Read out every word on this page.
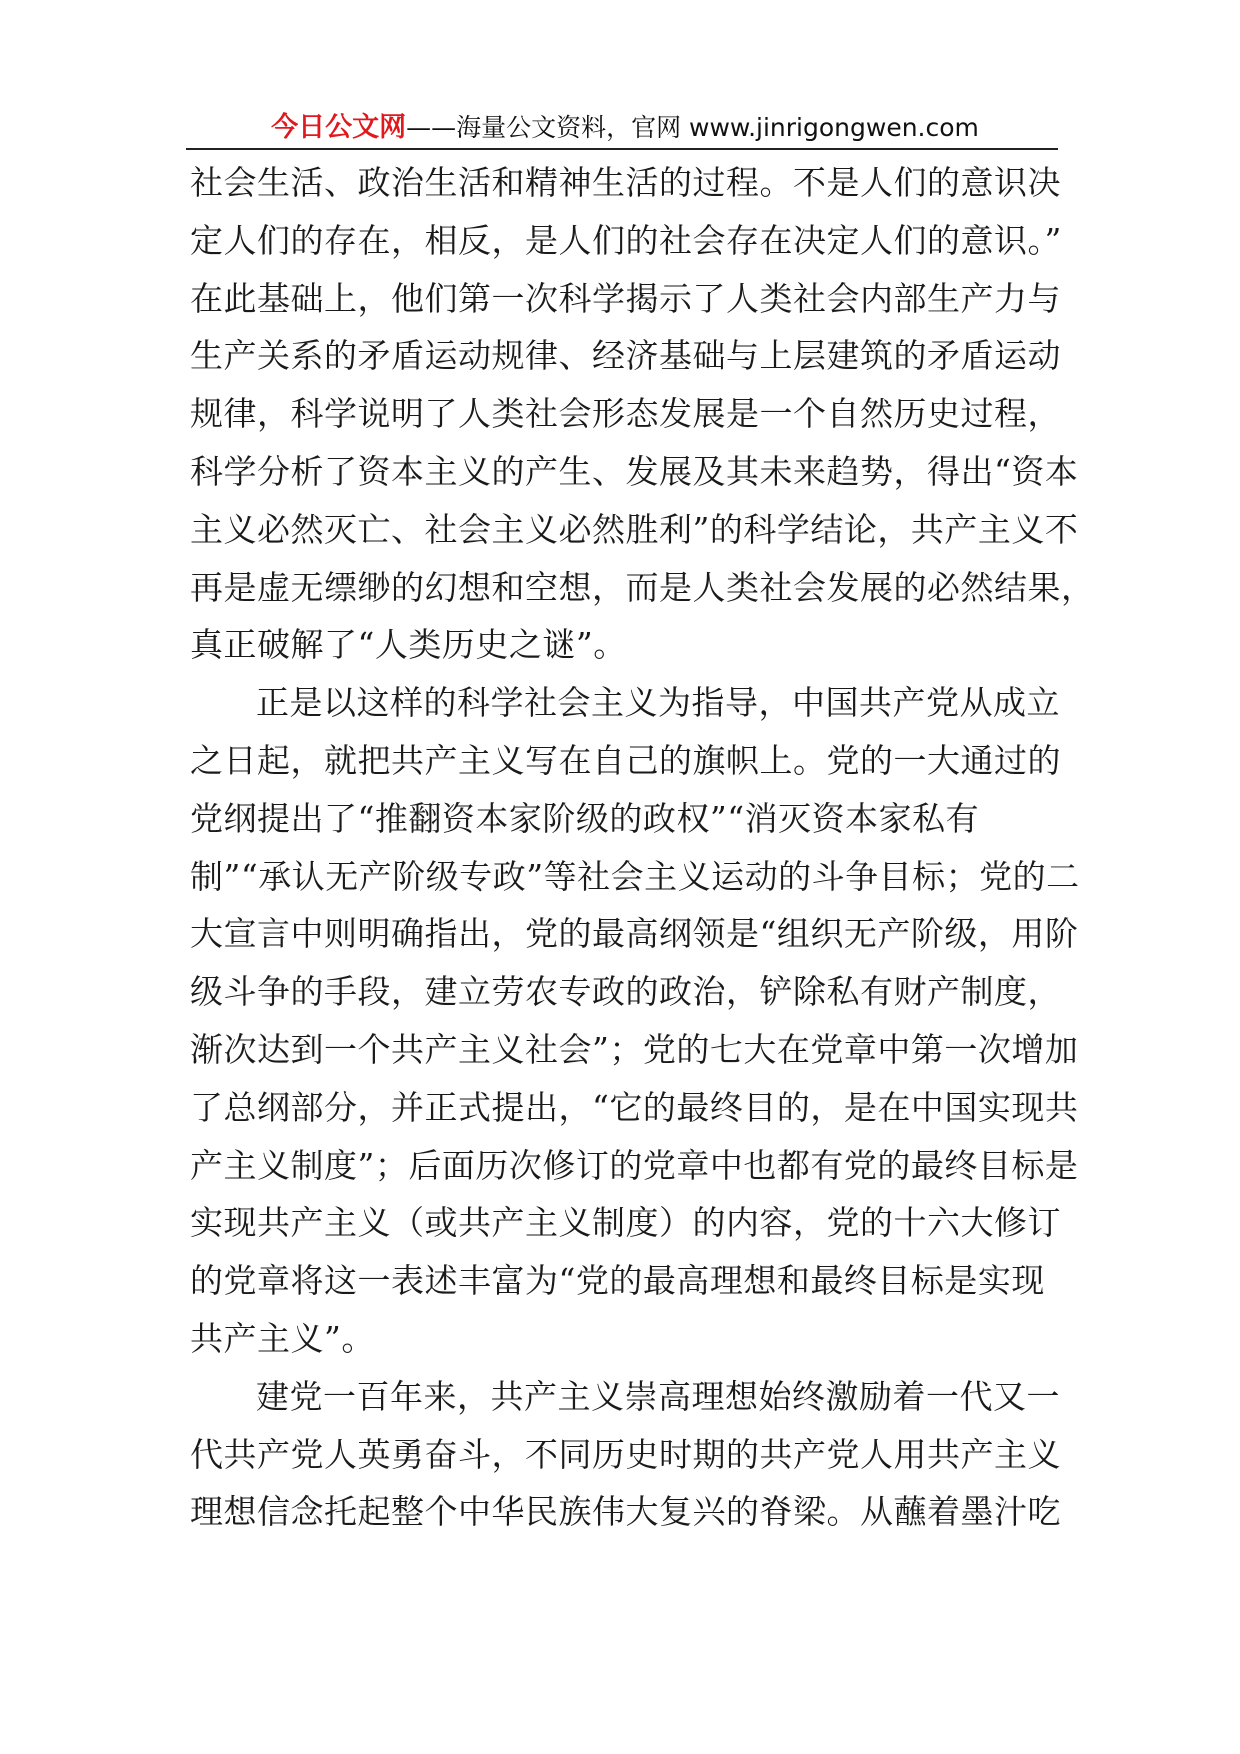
今日公文网——海量公文资料，官网 www.jinrigongwen.com
社会生活、政治生活和精神生活的过程。不是人们的意识决
定人们的存在，相反，是人们的社会存在决定人们的意识。”
在此基础上，他们第一次科学揭示了人类社会内部生产力与
生产关系的矛盾运动规律、经济基础与上层建筑的矛盾运动
规律，科学说明了人类社会形态发展是一个自然历史过程，
科学分析了资本主义的产生、发展及其未来趋势，得出“资本
主义必然灭亡、社会主义必然胜利”的科学结论，共产主义不
再是虚无缥缈的幻想和空想，而是人类社会发展的必然结果，
真正破解了“人类历史之谜”。
正是以这样的科学社会主义为指导，中国共产党从成立
之日起，就把共产主义写在自己的旗帜上。党的一大通过的
党纲提出了“推翻资本家阶级的政权”“消灭资本家私有
制”“承认无产阶级专政”等社会主义运动的斗争目标；党的二
大宣言中则明确指出，党的最高纲领是“组织无产阶级，用阶
级斗争的手段，建立劳农专政的政治，铲除私有财产制度，
渐次达到一个共产主义社会”；党的七大在党章中第一次增加
了总纲部分，并正式提出，“它的最终目的，是在中国实现共
产主义制度”；后面历次修订的党章中也都有党的最终目标是
实现共产主义（或共产主义制度）的内容，党的十六大修订
的党章将这一表述丰富为“党的最高理想和最终目标是实现
共产主义”。
建党一百年来，共产主义崇高理想始终激励着一代又一
代共产党人英勇奋斗，不同历史时期的共产党人用共产主义
理想信念托起整个中华民族伟大复兴的脊梁。从蘸着墨汁吃
